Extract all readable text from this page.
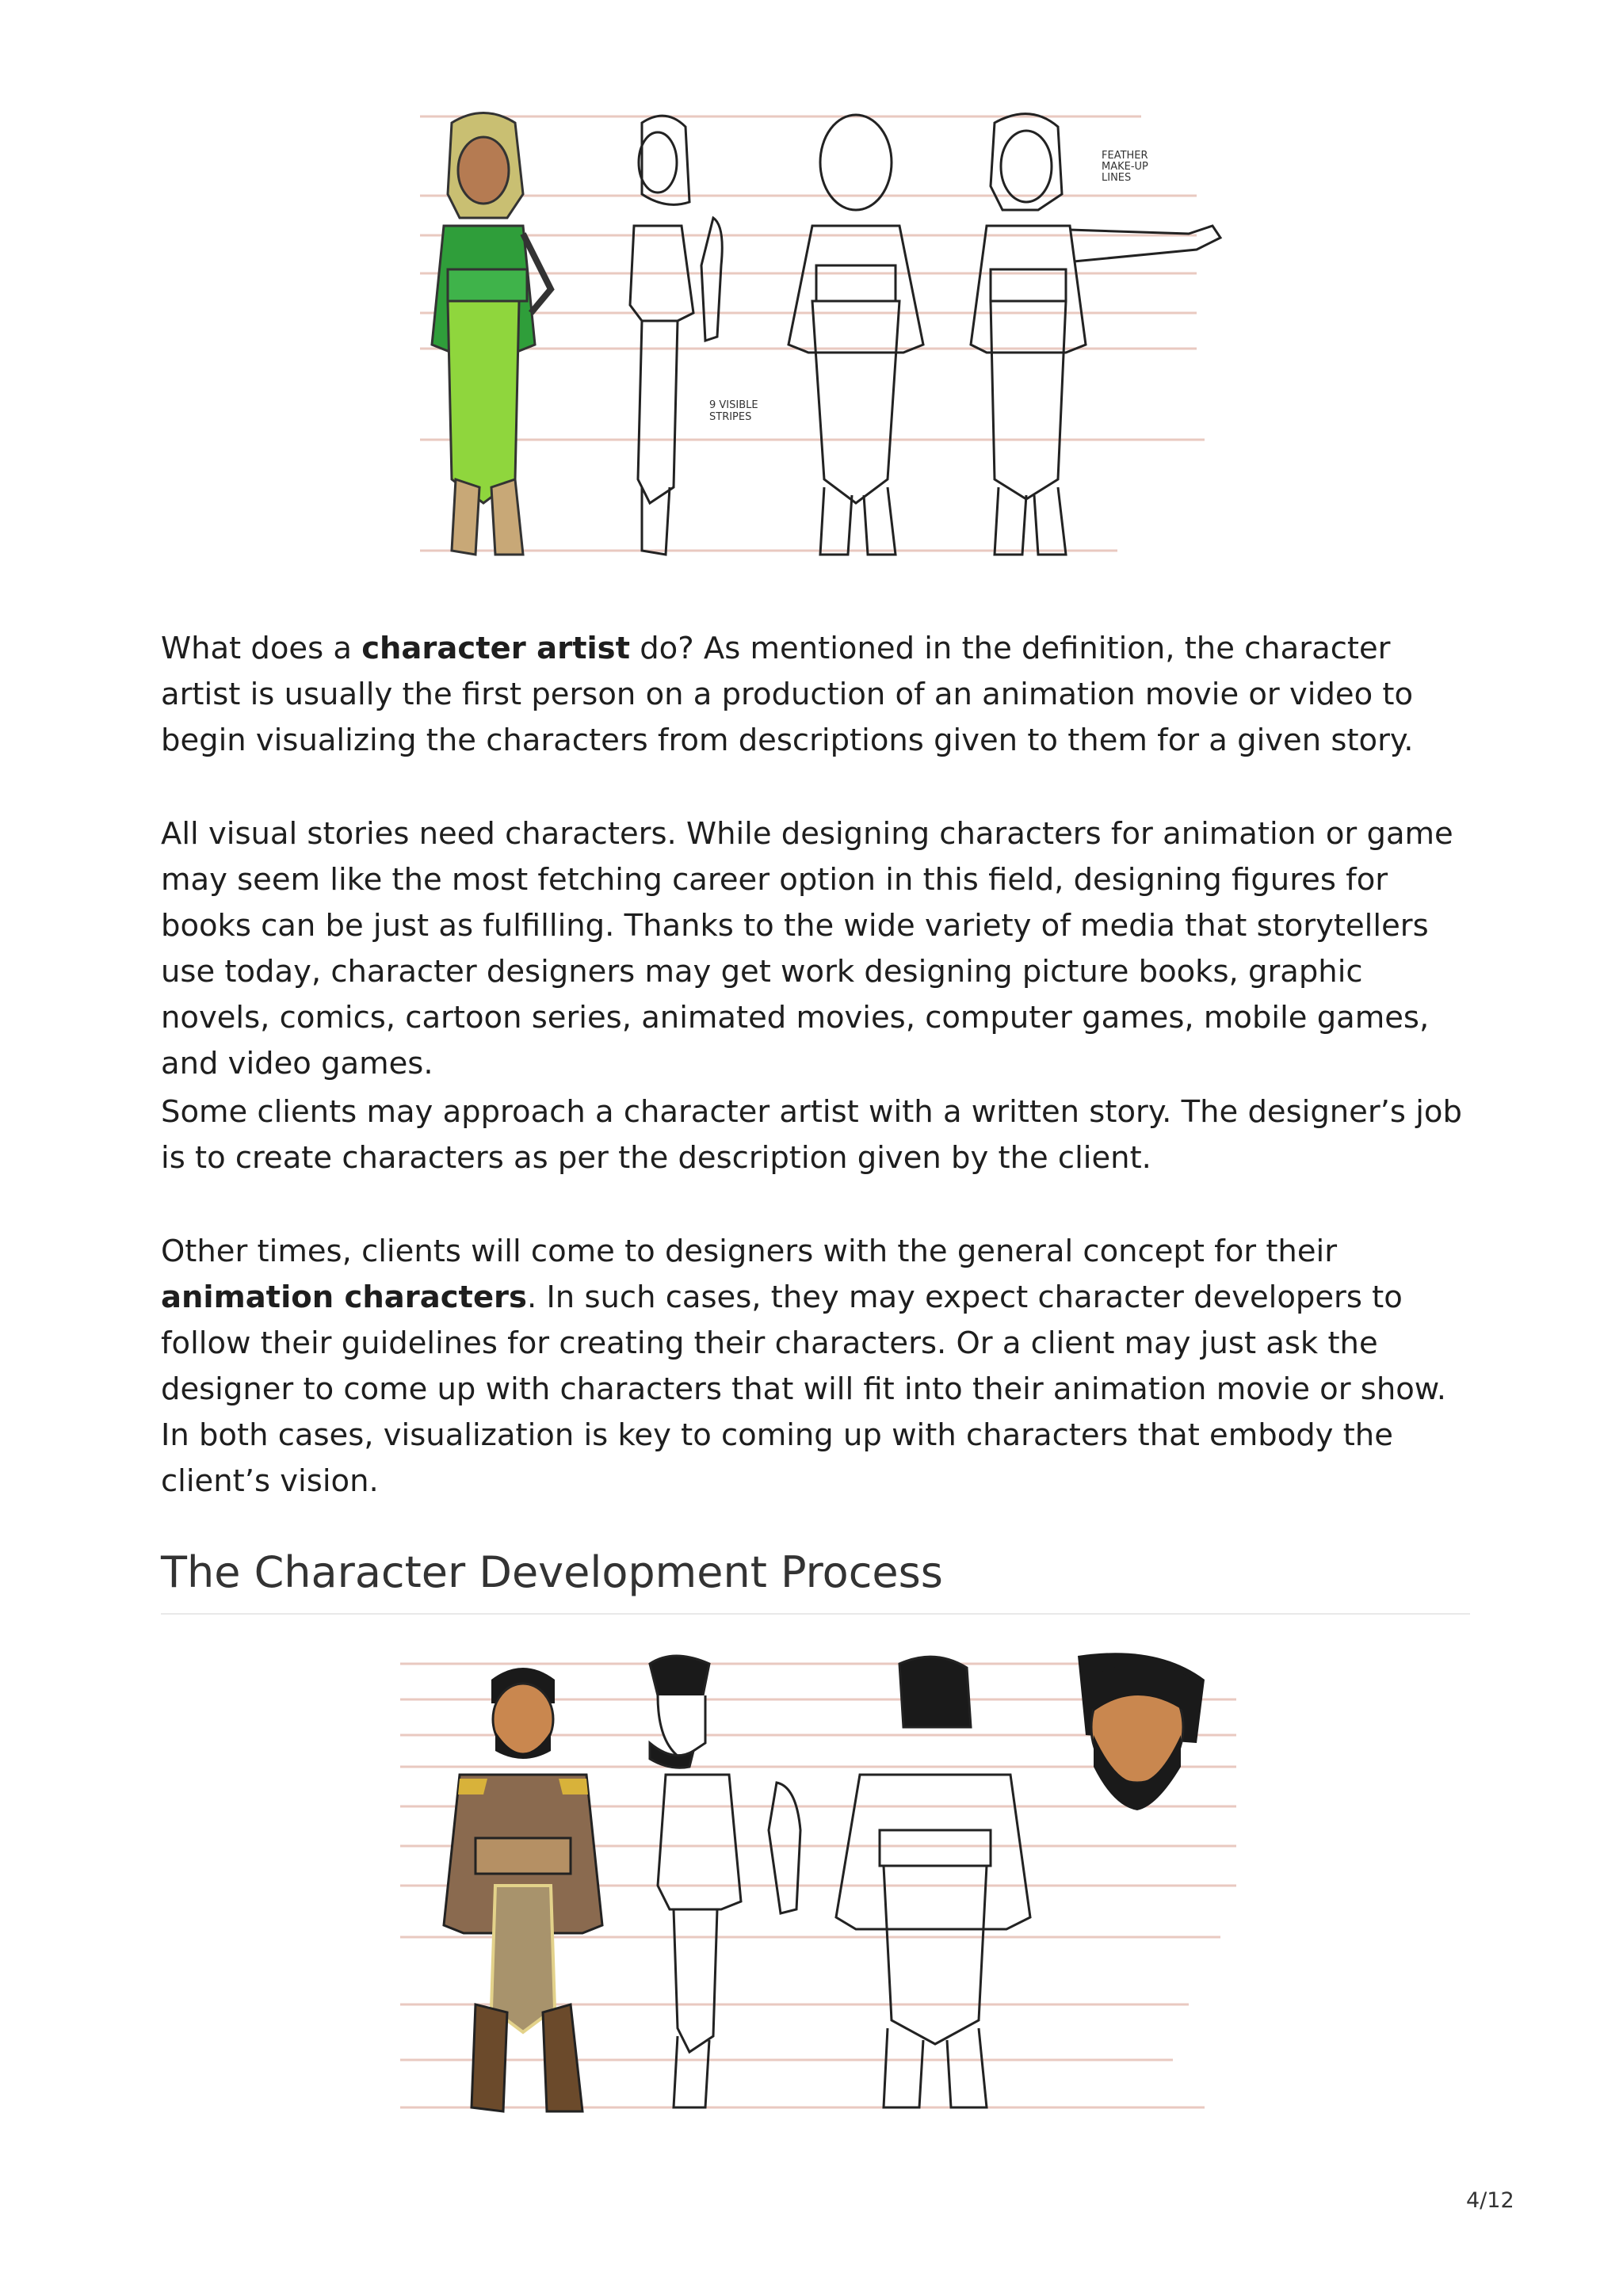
9 VISIBLE STRIPES
FEATHER MAKE-UP LINES

What does a character artist do? As mentioned in the definition, the character artist is usually the first person on a production of an animation movie or video to begin visualizing the characters from descriptions given to them for a given story.

All visual stories need characters. While designing characters for animation or game may seem like the most fetching career option in this field, designing figures for books can be just as fulfilling. Thanks to the wide variety of media that storytellers use today, character designers may get work designing picture books, graphic novels, comics, cartoon series, animated movies, computer games, mobile games, and video games.

Some clients may approach a character artist with a written story. The designer’s job is to create characters as per the description given by the client.

Other times, clients will come to designers with the general concept for their animation characters. In such cases, they may expect character developers to follow their guidelines for creating their characters. Or a client may just ask the designer to come up with characters that will fit into their animation movie or show. In both cases, visualization is key to coming up with characters that embody the client’s vision.

The Character Development Process
4/12
